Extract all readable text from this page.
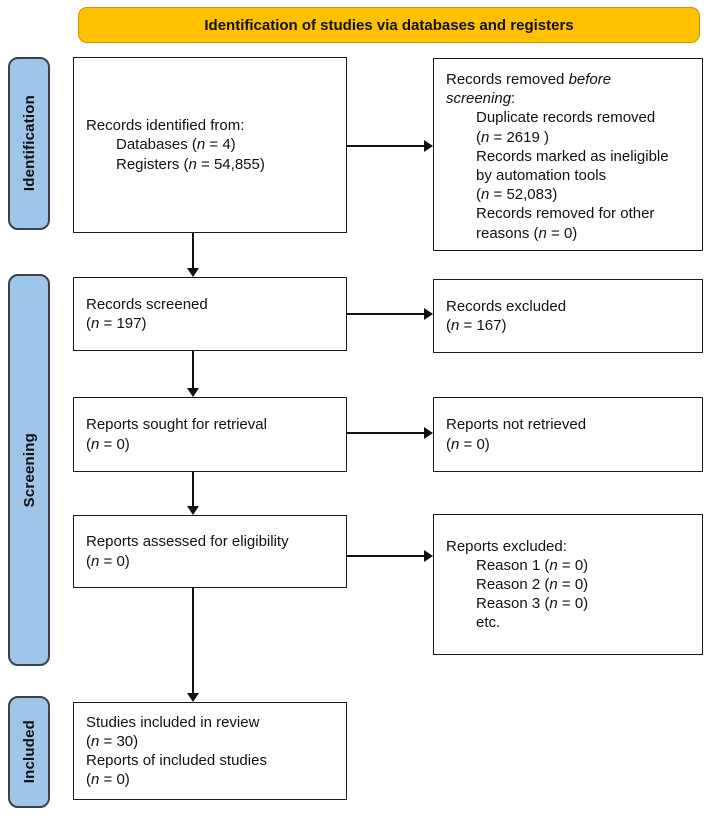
Identification of studies via databases and registers
Identification
Screening
Included
Records identified from:
Databases (n = 4)
Registers (n = 54,855)
Records removed before
screening:
Duplicate records removed
(n = 2619 )
Records marked as ineligible
by automation tools
(n = 52,083)
Records removed for other
reasons (n = 0)
Records screened
(n = 197)
Records excluded
(n = 167)
Reports sought for retrieval
(n = 0)
Reports not retrieved
(n = 0)
Reports assessed for eligibility
(n = 0)
Reports excluded:
Reason 1 (n = 0)
Reason 2 (n = 0)
Reason 3 (n = 0)
etc.
Studies included in review
(n = 30)
Reports of included studies
(n = 0)
